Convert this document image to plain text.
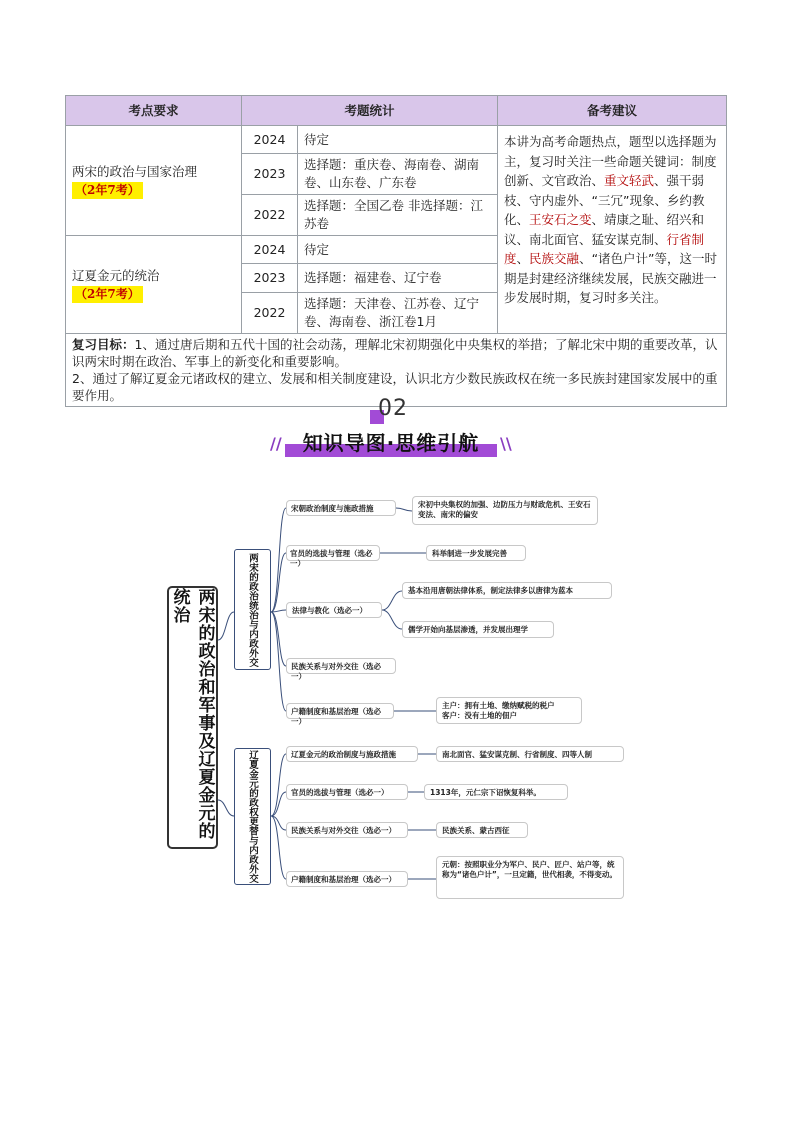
考点要求	考题统计		备考建议

两宋的政治与国家治理
（2年7考）	2024	待定	本讲为高考命题热点，题型以选择题为主，复习时关注一些命题关键词：制度创新、文官政治、重文轻武、强干弱枝、守内虚外、“三冗”现象、乡约教化、王安石之变、靖康之耻、绍兴和议、南北面官、猛安谋克制、行省制度、民族交融、“诸色户计”等，这一时期是封建经济继续发展，民族交融进一步发展时期，复习时多关注。
	2023	选择题：重庆卷、海南卷、湖南卷、山东卷、广东卷	
	2022	选择题：全国乙卷 非选择题：江苏卷	

辽夏金元的统治
（2年7考）	2024	待定	
	2023	选择题：福建卷、辽宁卷	
	2022	选择题：天津卷、江苏卷、辽宁卷、海南卷、浙江卷1月	

复习目标：1、通过唐后期和五代十国的社会动荡，理解北宋初期强化中央集权的举措；了解北宋中期的重要改革，认识两宋时期在政治、军事上的新变化和重要影响。
2、通过了解辽夏金元诸政权的建立、发展和相关制度建设，认识北方少数民族政权在统一多民族封建国家发展中的重要作用。			
02
//	知识导图·思维引航	\\
两宋的政治和军事及辽夏金元的统治	两宋的政治统治与内政外交
辽夏金元的政权更替与内政外交
宋朝政治制度与施政措施	宋初中央集权的加强、边防压力与财政危机、王安石变法、南宋的偏安
官员的选拔与管理（选必一）
科举制进一步发展完善
法律与教化（选必一）
基本沿用唐朝法律体系，制定法律多以唐律为蓝本
儒学开始向基层渗透，并发展出理学
民族关系与对外交往（选必一）
户籍制度和基层治理（选必一）
主户：拥有土地、缴纳赋税的税户
客户：没有土地的佃户
辽夏金元的政治制度与施政措施	南北面官、猛安谋克制、行省制度、四等人制
官员的选拔与管理（选必一）	1313年，元仁宗下诏恢复科举。
民族关系与对外交往（选必一）	民族关系、蒙古西征
户籍制度和基层治理（选必一）
元朝：按照职业分为军户、民户、匠户、站户等，统称为“诸色户计”，一旦定籍，世代相袭，不得变动。
